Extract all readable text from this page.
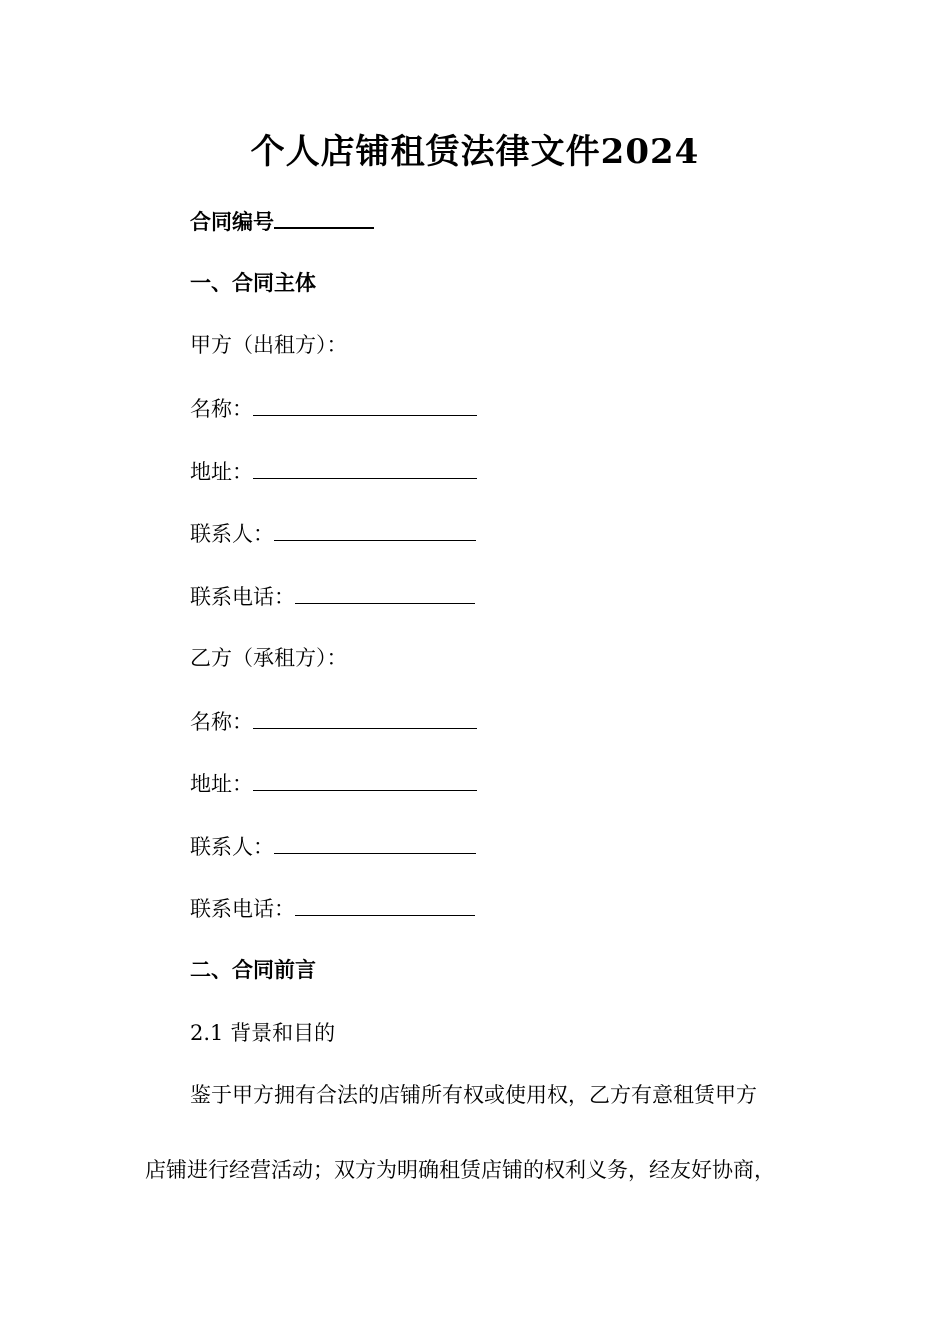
个人店铺租赁法律文件2024
合同编号
一、合同主体
甲方（出租方）：
名称：
地址：
联系人：
联系电话：
乙方（承租方）：
名称：
地址：
联系人：
联系电话：
二、合同前言
2.1 背景和目的
鉴于甲方拥有合法的店铺所有权或使用权，乙方有意租赁甲方
店铺进行经营活动；双方为明确租赁店铺的权利义务，经友好协商，
